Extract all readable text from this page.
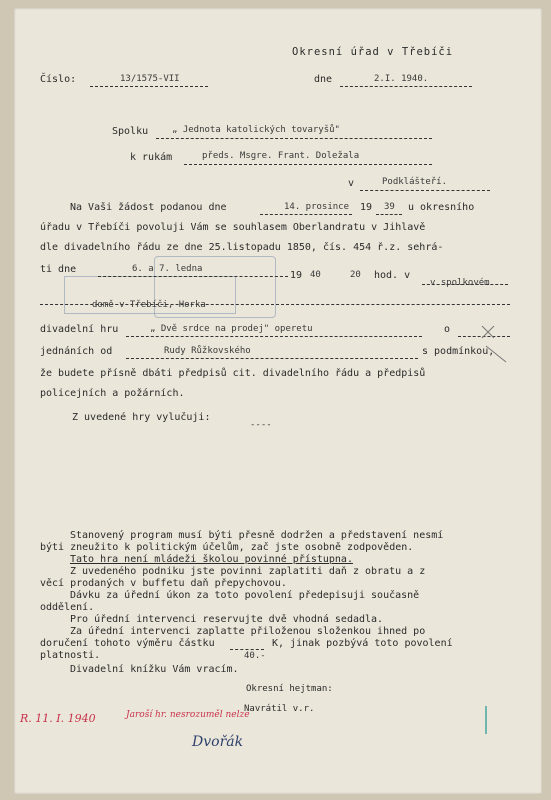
Okresní úřad v Třebíči
Číslo:	13/1575-VII	dne	2.I. 1940.
Spolku	„ Jednota katolických tovaryšů"
k rukám	předs. Msgre. Frant. Doležala
v	Podklášteří.
Na Vaši žádost podanou dne	14. prosince 19 39 u okresního
úřadu v Třebíči povoluji Vám se souhlasem Oberlandratu v Jihlavě
dle divadelního řádu ze dne 25.listopadu 1850, čís. 454 ř.z. sehrá-
ti dne	6. a 7. ledna
19 40	20 hod. v
v spolkovém
domě v Třebíči, Horka
divadelní hru	„ Dvě srdce na prodej" operetu	o
jednáních od	Rudy Růžkovského	s podmínkou,
že budete přísně dbáti předpisů cit. divadelního řádu a předpisů
policejních a požárních.
Z uvedené hry vylučuji:
----
Stanovený program musí býti přesně dodržen a představení nesmí
býti zneužito k politickým účelům, zač jste osobně zodpověden.
Tato hra není mládeži školou povinné přístupna.
Z uvedeného podniku jste povinni zaplatiti daň z obratu a z
věcí prodaných v buffetu daň přepychovou.
Dávku za úřední úkon za toto povolení předepisuji současně
oddělení.
Pro úřední intervenci reservujte dvě vhodná sedadla.
Za úřední intervenci zaplatte přiloženou složenkou ihned po
doručení tohoto výměru částku	K, jinak pozbývá toto povolení
40.-
platnosti.
Divadelní knížku Vám vracím.
Okresní hejtman:
Navrátil v.r.
R. 11. I. 1940	Jaroší hr. nesrozuměl nelze
Dvořák
